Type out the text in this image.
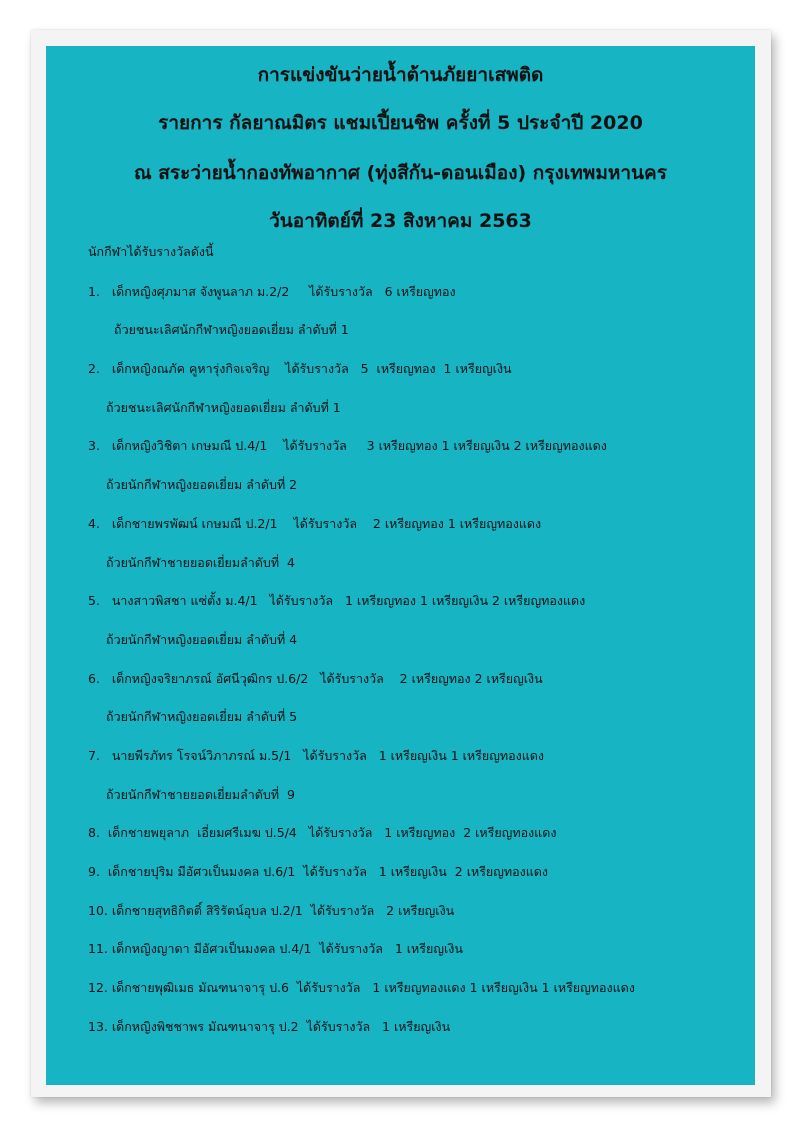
การแข่งขันว่ายน้ำต้านภัยยาเสพติด
รายการ กัลยาณมิตร แชมเปี้ยนชิพ ครั้งที่ 5 ประจำปี 2020
ณ สระว่ายน้ำกองทัพอากาศ (ทุ่งสีกัน-ดอนเมือง) กรุงเทพมหานคร
วันอาทิตย์ที่ 23 สิงหาคม 2563
นักกีฬาได้รับรางวัลดังนี้
1.   เด็กหญิงศุภมาส จังพูนลาภ ม.2/2     ได้รับรางวัล   6 เหรียญทอง
ถ้วยชนะเลิศนักกีฬาหญิงยอดเยี่ยม ลำดับที่ 1
2.   เด็กหญิงณภัค คูหารุ่งกิจเจริญ    ได้รับรางวัล   5  เหรียญทอง  1 เหรียญเงิน
ถ้วยชนะเลิศนักกีฬาหญิงยอดเยี่ยม ลำดับที่ 1
3.   เด็กหญิงวิชิตา เกษมณี ป.4/1    ได้รับรางวัล     3 เหรียญทอง 1 เหรียญเงิน 2 เหรียญทองแดง
ถ้วยนักกีฬาหญิงยอดเยี่ยม ลำดับที่ 2
4.   เด็กชายพรพัฒน์ เกษมณี ป.2/1    ได้รับรางวัล    2 เหรียญทอง 1 เหรียญทองแดง
ถ้วยนักกีฬาชายยอดเยี่ยมลำดับที่  4
5.   นางสาวพิสชา แซ่ตั้ง ม.4/1   ได้รับรางวัล   1 เหรียญทอง 1 เหรียญเงิน 2 เหรียญทองแดง
ถ้วยนักกีฬาหญิงยอดเยี่ยม ลำดับที่ 4
6.   เด็กหญิงจริยาภรณ์ อัศนีวุฒิกร ป.6/2   ได้รับรางวัล    2 เหรียญทอง 2 เหรียญเงิน
ถ้วยนักกีฬาหญิงยอดเยี่ยม ลำดับที่ 5
7.   นายพีรภัทร โรจน์วิภาภรณ์ ม.5/1   ได้รับรางวัล   1 เหรียญเงิน 1 เหรียญทองแดง
ถ้วยนักกีฬาชายยอดเยี่ยมลำดับที่  9
8.  เด็กชายพยุลาภ  เอี่ยมศรีเมฆ ป.5/4   ได้รับรางวัล   1 เหรียญทอง  2 เหรียญทองแดง
9.  เด็กชายปุริม มีอัศวเป็นมงคล ป.6/1  ได้รับรางวัล   1 เหรียญเงิน  2 เหรียญทองแดง
10. เด็กชายสุทธิกิตติ์ สิริรัตน์อุบล ป.2/1  ได้รับรางวัล   2 เหรียญเงิน
11. เด็กหญิงญาดา มีอัศวเป็นมงคล ป.4/1  ได้รับรางวัล   1 เหรียญเงิน
12. เด็กชายพุฒิเมธ มัณฑนาจารุ ป.6  ได้รับรางวัล   1 เหรียญทองแดง 1 เหรียญเงิน 1 เหรียญทองแดง
13. เด็กหญิงพิชชาพร มัณฑนาจารุ ป.2  ได้รับรางวัล   1 เหรียญเงิน
